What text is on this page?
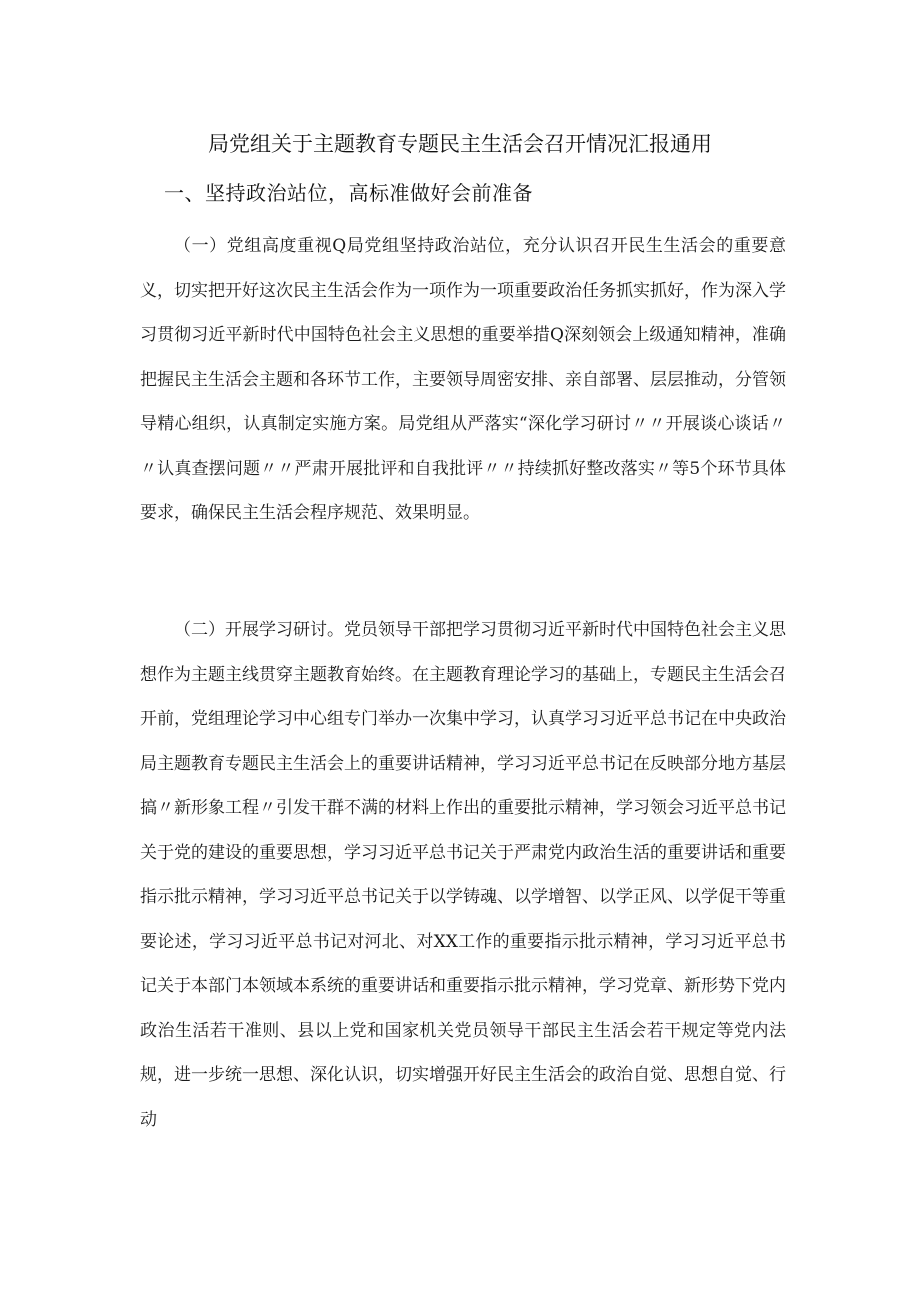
局党组关于主题教育专题民主生活会召开情况汇报通用
一、坚持政治站位，高标准做好会前准备

（一）党组高度重视Q局党组坚持政治站位，充分认识召开民生生活会的重要意义，切实把开好这次民主生活会作为一项作为一项重要政治任务抓实抓好，作为深入学习贯彻习近平新时代中国特色社会主义思想的重要举措Q深刻领会上级通知精神，准确把握民主生活会主题和各环节工作，主要领导周密安排、亲自部署、层层推动，分管领导精心组织，认真制定实施方案。局党组从严落实“深化学习研讨〃〃开展谈心谈话〃〃认真查摆问题〃〃严肃开展批评和自我批评〃〃持续抓好整改落实〃等5个环节具体要求，确保民主生活会程序规范、效果明显。

（二）开展学习研讨。党员领导干部把学习贯彻习近平新时代中国特色社会主义思想作为主题主线贯穿主题教育始终。在主题教育理论学习的基础上，专题民主生活会召开前，党组理论学习中心组专门举办一次集中学习，认真学习习近平总书记在中央政治局主题教育专题民主生活会上的重要讲话精神，学习习近平总书记在反映部分地方基层搞〃新形象工程〃引发干群不满的材料上作出的重要批示精神，学习领会习近平总书记关于党的建设的重要思想，学习习近平总书记关于严肃党内政治生活的重要讲话和重要指示批示精神，学习习近平总书记关于以学铸魂、以学增智、以学正风、以学促干等重要论述，学习习近平总书记对河北、对XX工作的重要指示批示精神，学习习近平总书记关于本部门本领域本系统的重要讲话和重要指示批示精神，学习党章、新形势下党内政治生活若干准则、县以上党和国家机关党员领导干部民主生活会若干规定等党内法规，进一步统一思想、深化认识，切实增强开好民主生活会的政治自觉、思想自觉、行动
